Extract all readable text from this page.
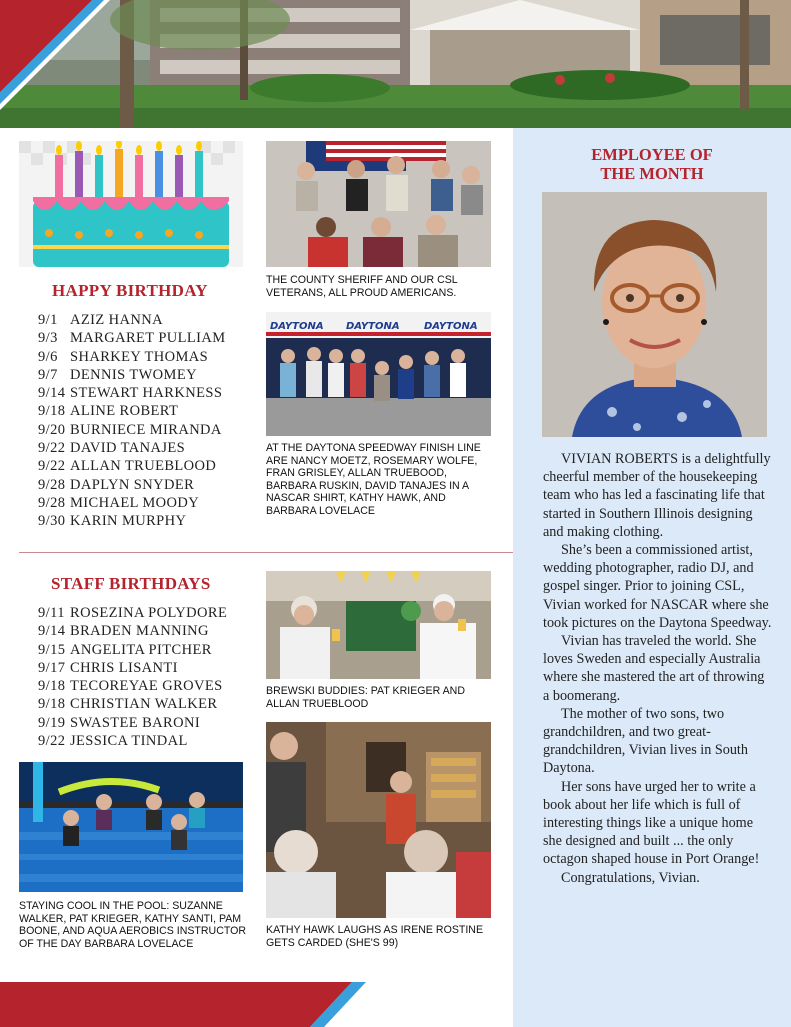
HAPPY BIRTHDAY
9/1 AZIZ HANNA
9/3 MARGARET PULLIAM
9/6 SHARKEY THOMAS
9/7 DENNIS TWOMEY
9/14 STEWART HARKNESS
9/18 ALINE ROBERT
9/20 BURNIECE MIRANDA
9/22 DAVID TANAJES
9/22 ALLAN TRUEBLOOD
9/28 DAPLYN SNYDER
9/28 MICHAEL MOODY
9/30 KARIN MURPHY
STAFF BIRTHDAYS
9/11 ROSEZINA POLYDORE
9/14 BRADEN MANNING
9/15 ANGELITA PITCHER
9/17 CHRIS LISANTI
9/18 TECOREYAE GROVES
9/18 CHRISTIAN WALKER
9/19 SWASTEE BARONI
9/22 JESSICA TINDAL
THE COUNTY SHERIFF AND OUR CSL VETERANS, ALL PROUD AMERICANS.
DAYTONA DAYTONA DAYTONA
AT THE DAYTONA SPEEDWAY FINISH LINE ARE NANCY MOETZ, ROSEMARY WOLFE, FRAN GRISLEY, ALLAN TRUEBOOD, BARBARA RUSKIN, DAVID TANAJES IN A NASCAR SHIRT, KATHY HAWK, AND BARBARA LOVELACE
BREWSKI BUDDIES: PAT KRIEGER AND ALLAN TRUEBLOOD
KATHY HAWK LAUGHS AS IRENE ROSTINE GETS CARDED (SHE'S 99)
STAYING COOL IN THE POOL: SUZANNE WALKER, PAT KRIEGER, KATHY SANTI, PAM BOONE, AND AQUA AEROBICS INSTRUCTOR OF THE DAY BARBARA LOVELACE
EMPLOYEE OF
THE MONTH

VIVIAN ROBERTS is a delightfully cheerful member of the housekeeping team who has led a fascinating life that started in Southern Illinois designing and making clothing.

She’s been a commissioned artist, wedding photographer, radio DJ, and gospel singer. Prior to joining CSL, Vivian worked for NASCAR where she took pictures on the Daytona Speedway.

Vivian has traveled the world. She loves Sweden and especially Australia where she mastered the art of throwing a boomerang.

The mother of two sons, two grandchildren, and two great-grandchildren, Vivian lives in South Daytona.

Her sons have urged her to write a book about her life which is full of interesting things like a unique home she designed and built ... the only octagon shaped house in Port Orange!

Congratulations, Vivian.
